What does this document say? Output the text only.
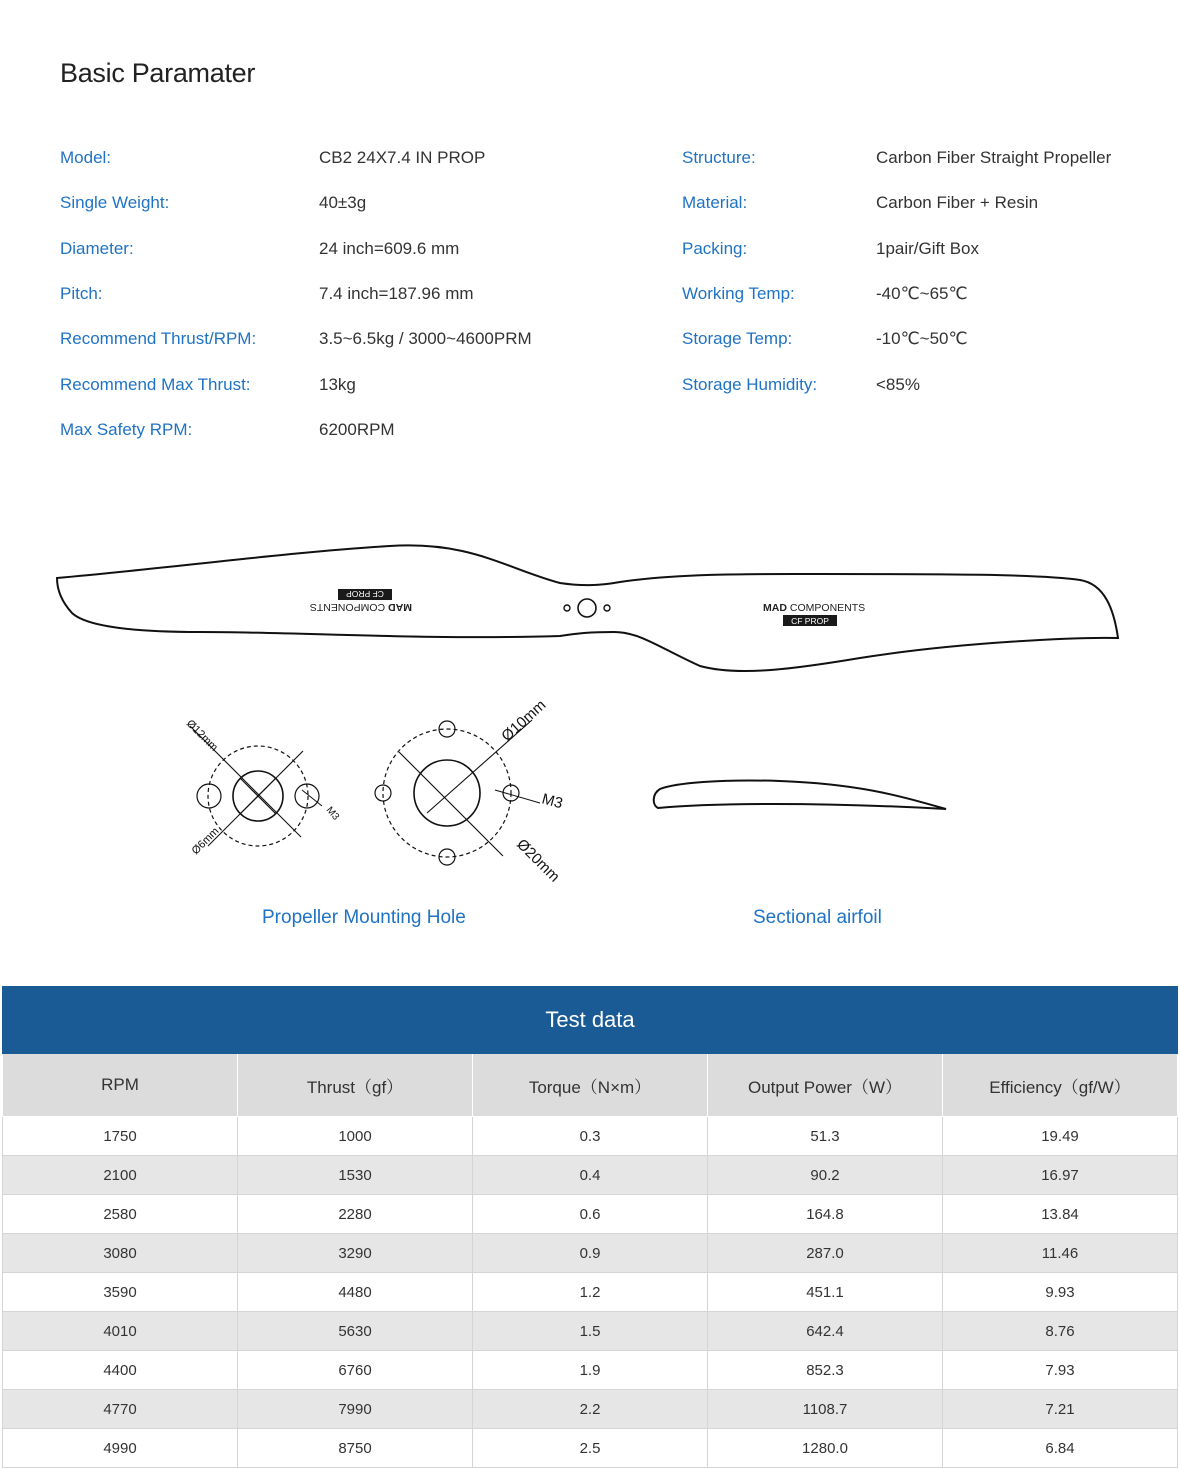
Basic Paramater
Model:	CB2 24X7.4 IN PROP
Single Weight:	40±3g
Diameter:	24 inch=609.6 mm
Pitch:	7.4 inch=187.96 mm
Recommend Thrust/RPM:	3.5~6.5kg / 3000~4600PRM
Recommend Max Thrust:	13kg
Max Safety RPM:	6200RPM
Structure:	Carbon Fiber Straight Propeller
Material:	Carbon Fiber + Resin
Packing:	1pair/Gift Box
Working Temp:	-40℃~65℃
Storage Temp:	-10℃~50℃
Storage Humidity:	<85%
MAD COMPONENTS
CF PROP
MADCOMPONENTS
CF PROP
Ø12mm
Ø6mm
M3
Ø10mm
M3
Ø20mm
Propeller Mounting Hole	Sectional airfoil
Test data
RPM	Thrust（gf）	Torque（N×m）	Output Power（W）	Efficiency（gf/W）
1750	1000	0.3	51.3	19.49
2100	1530	0.4	90.2	16.97
2580	2280	0.6	164.8	13.84
3080	3290	0.9	287.0	11.46
3590	4480	1.2	451.1	9.93
4010	5630	1.5	642.4	8.76
4400	6760	1.9	852.3	7.93
4770	7990	2.2	1108.7	7.21
4990	8750	2.5	1280.0	6.84
